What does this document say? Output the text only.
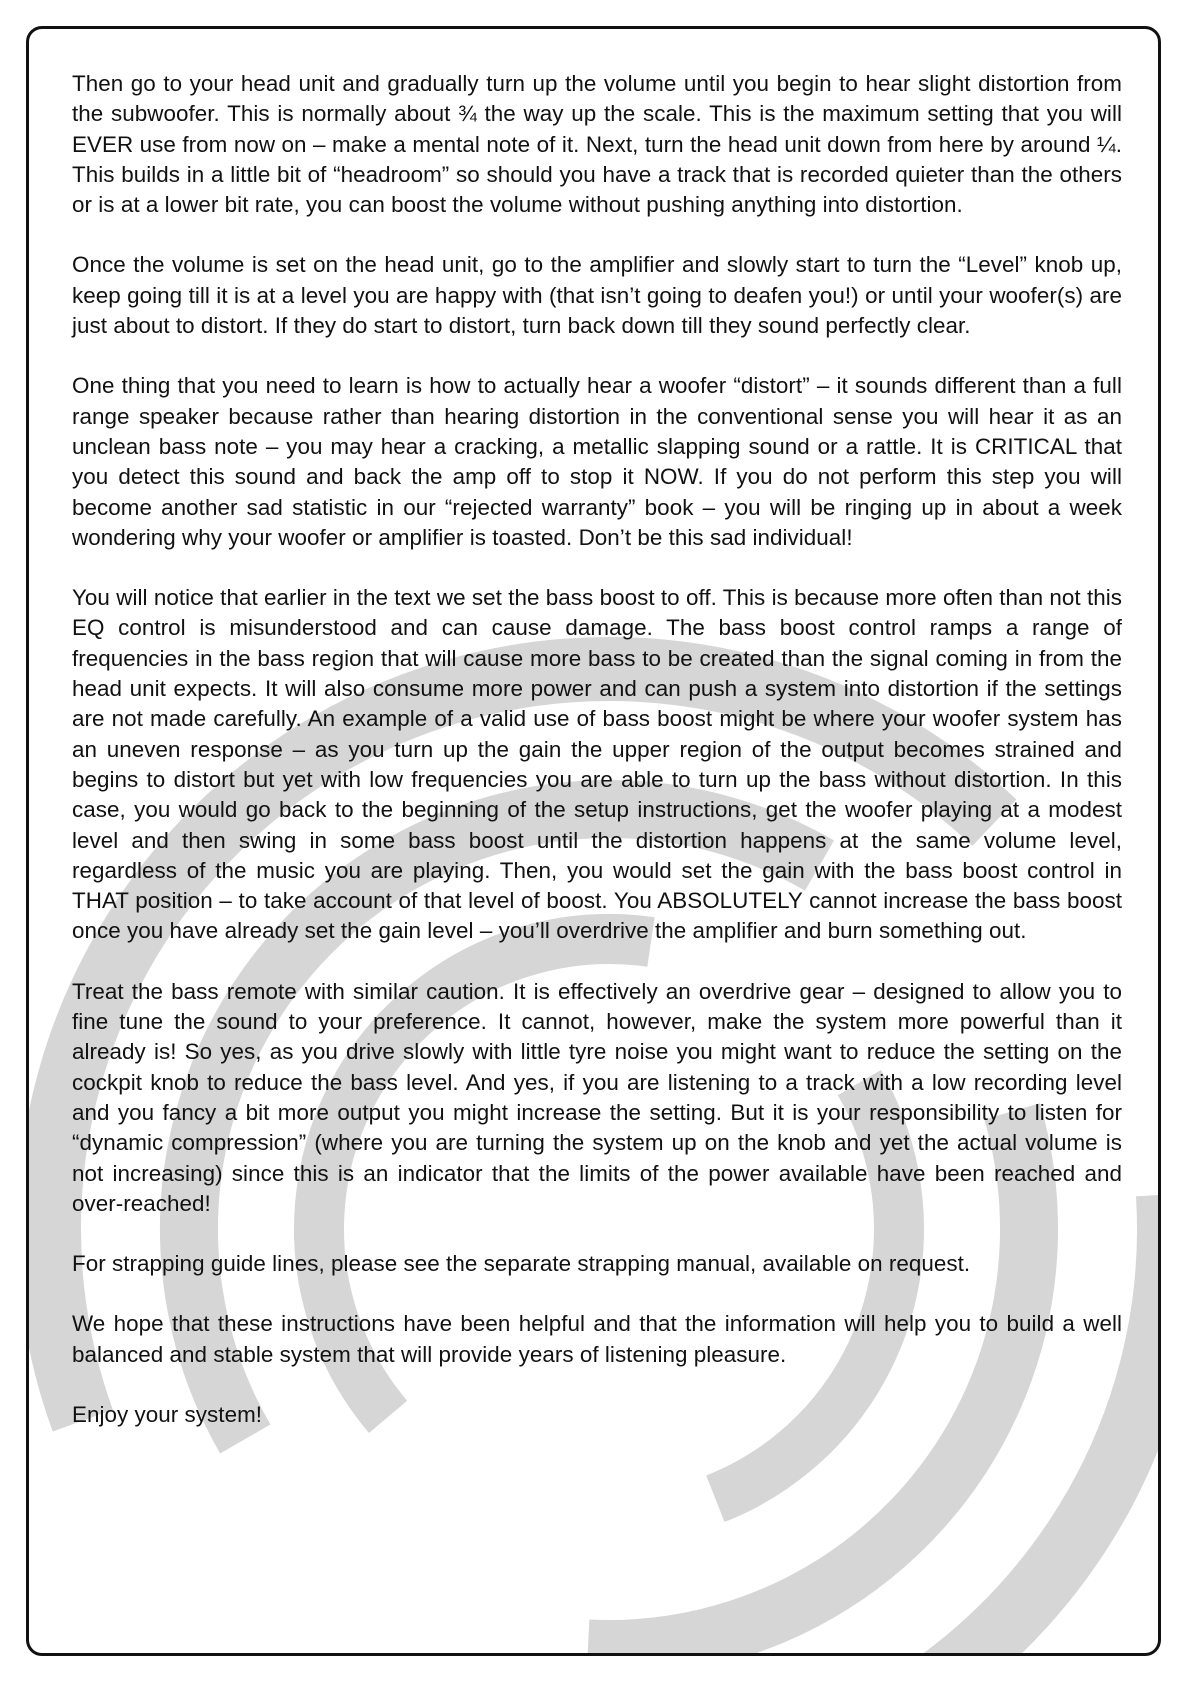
Then go to your head unit and gradually turn up the volume until you begin to hear slight distortion from the subwoofer. This is normally about ¾ the way up the scale. This is the maximum setting that you will EVER use from now on – make a mental note of it. Next, turn the head unit down from here by around ¼. This builds in a little bit of “headroom” so should you have a track that is recorded quieter than the others or is at a lower bit rate, you can boost the volume without pushing anything into distortion.

Once the volume is set on the head unit, go to the amplifier and slowly start to turn the “Level” knob up, keep going till it is at a level you are happy with (that isn’t going to deafen you!) or until your woofer(s) are just about to distort. If they do start to distort, turn back down till they sound perfectly clear.

One thing that you need to learn is how to actually hear a woofer “distort” – it sounds different than a full range speaker because rather than hearing distortion in the conventional sense you will hear it as an unclean bass note – you may hear a cracking, a metallic slapping sound or a rattle. It is CRITICAL that you detect this sound and back the amp off to stop it NOW. If you do not perform this step you will become another sad statistic in our “rejected warranty” book – you will be ringing up in about a week wondering why your woofer or amplifier is toasted. Don’t be this sad individual!

You will notice that earlier in the text we set the bass boost to off. This is because more often than not this EQ control is misunderstood and can cause damage. The bass boost control ramps a range of frequencies in the bass region that will cause more bass to be created than the signal coming in from the head unit expects. It will also consume more power and can push a system into distortion if the settings are not made carefully. An example of a valid use of bass boost might be where your woofer system has an uneven response – as you turn up the gain the upper region of the output becomes strained and begins to distort but yet with low frequencies you are able to turn up the bass without distortion. In this case, you would go back to the beginning of the setup instructions, get the woofer playing at a modest level and then swing in some bass boost until the distortion happens at the same volume level, regardless of the music you are playing. Then, you would set the gain with the bass boost control in THAT position – to take account of that level of boost. You ABSOLUTELY cannot increase the bass boost once you have already set the gain level – you’ll overdrive the amplifier and burn something out.

Treat the bass remote with similar caution. It is effectively an overdrive gear – designed to allow you to fine tune the sound to your preference. It cannot, however, make the system more powerful than it already is! So yes, as you drive slowly with little tyre noise you might want to reduce the setting on the cockpit knob to reduce the bass level. And yes, if you are listening to a track with a low recording level and you fancy a bit more output you might increase the setting. But it is your responsibility to listen for “dynamic compression” (where you are turning the system up on the knob and yet the actual volume is not increasing) since this is an indicator that the limits of the power available have been reached and over-reached!

For strapping guide lines, please see the separate strapping manual, available on request.

We hope that these instructions have been helpful and that the information will help you to build a well balanced and stable system that will provide years of listening pleasure.

Enjoy your system!
